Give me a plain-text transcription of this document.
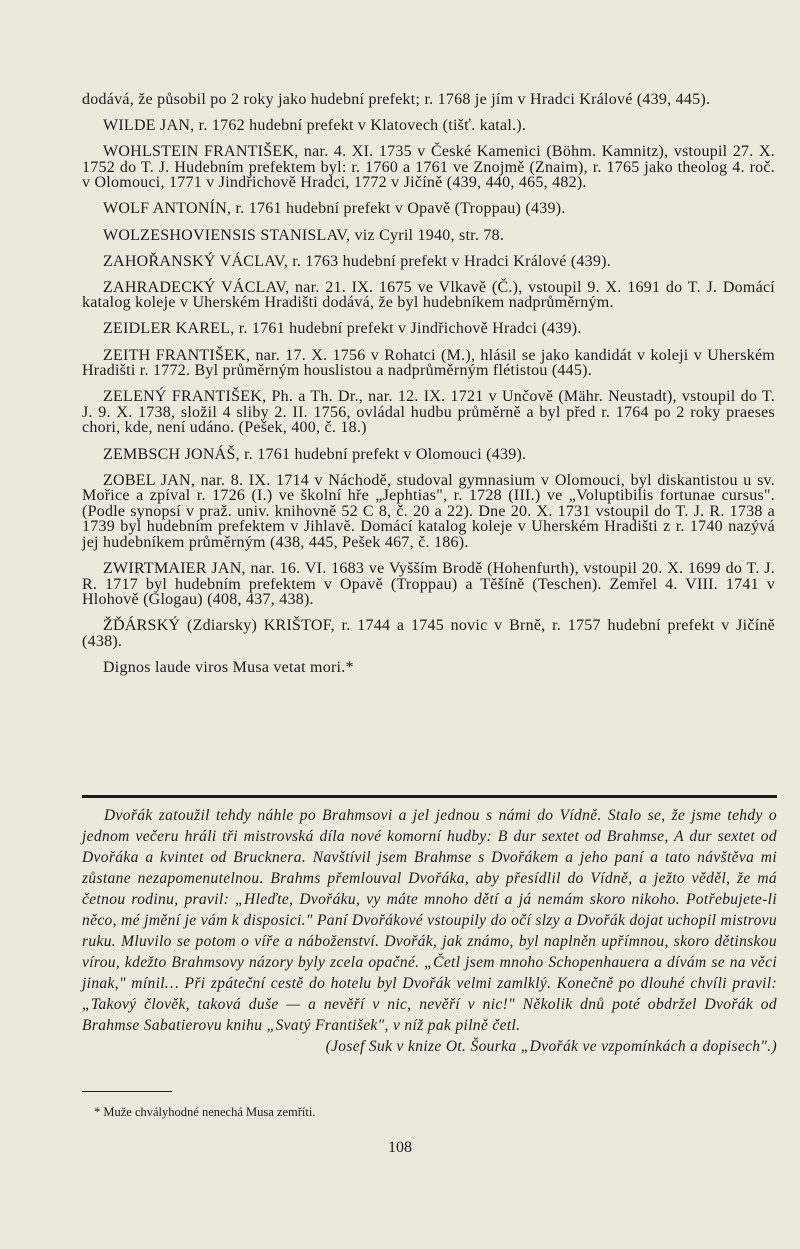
dodává, že působil po 2 roky jako hudební prefekt; r. 1768 je jím v Hradci Králové (439, 445).

WILDE JAN, r. 1762 hudební prefekt v Klatovech (tišť. katal.).

WOHLSTEIN FRANTIŠEK, nar. 4. XI. 1735 v České Kamenici (Böhm. Kamnitz), vstoupil 27. X. 1752 do T. J. Hudebním prefektem byl: r. 1760 a 1761 ve Znojmě (Znaim), r. 1765 jako theolog 4. roč. v Olomouci, 1771 v Jindřichově Hradci, 1772 v Jičíně (439, 440, 465, 482).

WOLF ANTONÍN, r. 1761 hudební prefekt v Opavě (Troppau) (439).

WOLZESHOVIENSIS STANISLAV, viz Cyril 1940, str. 78.

ZAHOŘANSKÝ VÁCLAV, r. 1763 hudební prefekt v Hradci Králové (439).

ZAHRADECKÝ VÁCLAV, nar. 21. IX. 1675 ve Vlkavě (Č.), vstoupil 9. X. 1691 do T. J. Domácí katalog koleje v Uherském Hradišti dodává, že byl hudebníkem nadprůměrným.

ZEIDLER KAREL, r. 1761 hudební prefekt v Jindřichově Hradci (439).

ZEITH FRANTIŠEK, nar. 17. X. 1756 v Rohatci (M.), hlásil se jako kandidát v koleji v Uherském Hradišti r. 1772. Byl průměrným houslistou a nadprůměrným flétistou (445).

ZELENÝ FRANTIŠEK, Ph. a Th. Dr., nar. 12. IX. 1721 v Unčově (Mähr. Neustadt), vstoupil do T. J. 9. X. 1738, složil 4 sliby 2. II. 1756, ovládal hudbu průměrně a byl před r. 1764 po 2 roky praeses chori, kde, není udáno. (Pešek, 400, č. 18.)

ZEMBSCH JONÁŠ, r. 1761 hudební prefekt v Olomouci (439).

ZOBEL JAN, nar. 8. IX. 1714 v Náchodě, studoval gymnasium v Olomouci, byl diskantistou u sv. Mořice a zpíval r. 1726 (I.) ve školní hře „Jephtias", r. 1728 (III.) ve „Voluptibilis fortunae cursus". (Podle synopsí v praž. univ. knihovně 52 C 8, č. 20 a 22). Dne 20. X. 1731 vstoupil do T. J. R. 1738 a 1739 byl hudebním prefektem v Jihlavě. Domácí katalog koleje v Uherském Hradišti z r. 1740 nazývá jej hudebníkem průměrným (438, 445, Pešek 467, č. 186).

ZWIRTMAIER JAN, nar. 16. VI. 1683 ve Vyšším Brodě (Hohenfurth), vstoupil 20. X. 1699 do T. J. R. 1717 byl hudebním prefektem v Opavě (Troppau) a Těšíně (Teschen). Zemřel 4. VIII. 1741 v Hlohově (Glogau) (408, 437, 438).

ŽĎÁRSKÝ (Zdiarsky) KRIŠTOF, r. 1744 a 1745 novic v Brně, r. 1757 hudební prefekt v Jičíně (438).

Dignos laude viros Musa vetat mori.*

Dvořák zatoužil tehdy náhle po Brahmsovi a jel jednou s námi do Vídně. Stalo se, že jsme tehdy o jednom večeru hráli tři mistrovská díla nové komorní hudby: B dur sextet od Brahmse, A dur sextet od Dvořáka a kvintet od Brucknera. Navštívil jsem Brahmse s Dvořákem a jeho paní a tato návštěva mi zůstane nezapomenutelnou. Brahms přemlouval Dvořáka, aby přesídlil do Vídně, a ježto věděl, že má četnou rodinu, pravil: „Hleďte, Dvořáku, vy máte mnoho dětí a já nemám skoro nikoho. Potřebujete-li něco, mé jmění je vám k disposici." Paní Dvořákové vstoupily do očí slzy a Dvořák dojat uchopil mistrovu ruku. Mluvilo se potom o víře a náboženství. Dvořák, jak známo, byl naplněn upřímnou, skoro dětinskou vírou, kdežto Brahmsovy názory byly zcela opačné. „Četl jsem mnoho Schopenhauera a dívám se na věci jinak," mínil… Při zpáteční cestě do hotelu byl Dvořák velmi zamlklý. Konečně po dlouhé chvíli pravil: „Takový člověk, taková duše — a nevěří v nic, nevěří v nic!" Několik dnů poté obdržel Dvořák od Brahmse Sabatierovu knihu „Svatý František", v níž pak pilně četl.
(Josef Suk v knize Ot. Šourka „Dvořák ve vzpomínkách a dopisech".)

* Muže chvályhodné nenechá Musa zemříti.
108
